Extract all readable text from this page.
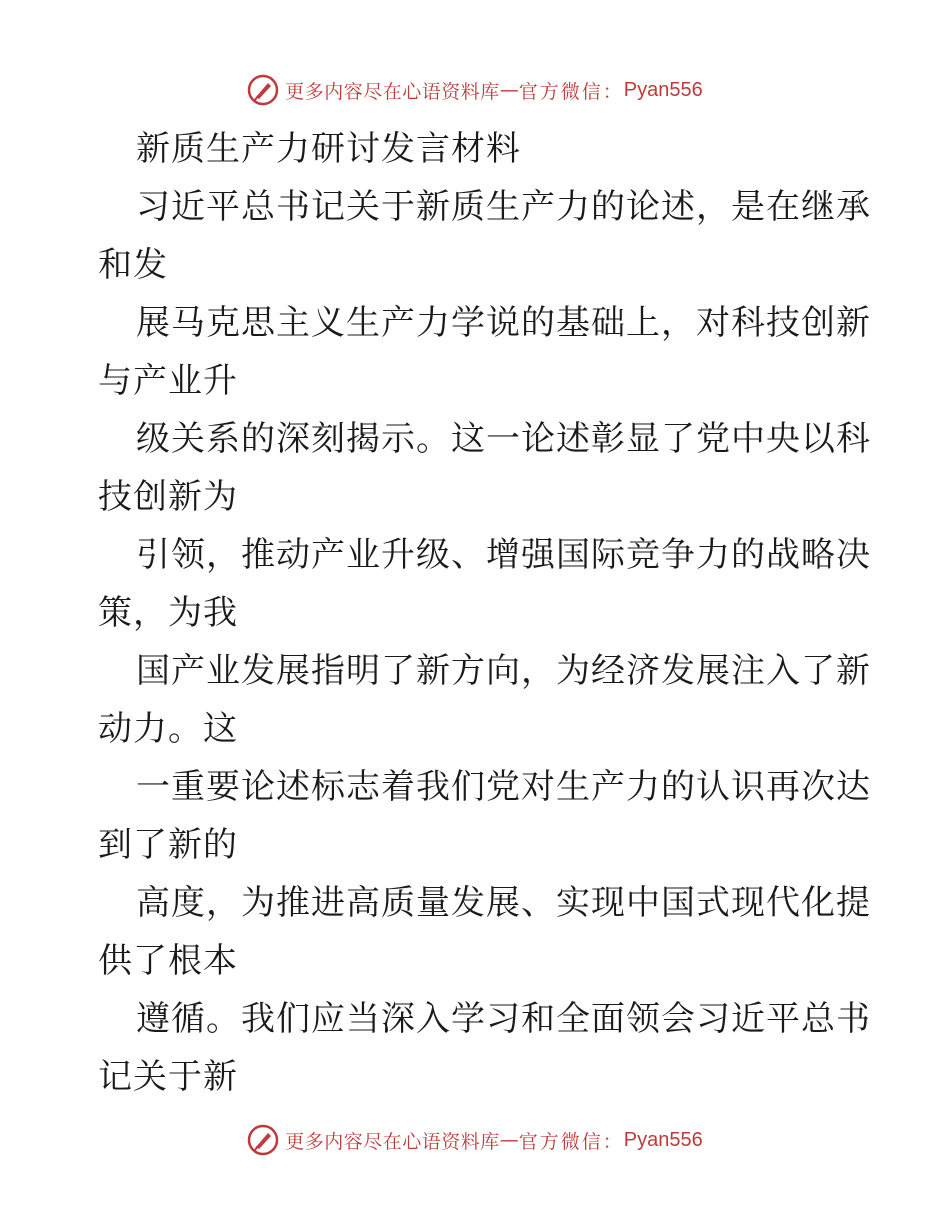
更多内容尽在心语资料库 — 官方微信： Pyan556
新质生产力研讨发言材料
习近平总书记关于新质生产力的论述，是在继承
和发
展马克思主义生产力学说的基础上，对科技创新
与产业升
级关系的深刻揭示。这一论述彰显了党中央以科
技创新为
引领，推动产业升级、增强国际竞争力的战略决
策，为我
国产业发展指明了新方向，为经济发展注入了新
动力。这
一重要论述标志着我们党对生产力的认识再次达
到了新的
高度，为推进高质量发展、实现中国式现代化提
供了根本
遵循。我们应当深入学习和全面领会习近平总书
记关于新
更多内容尽在心语资料库 — 官方微信： Pyan556
